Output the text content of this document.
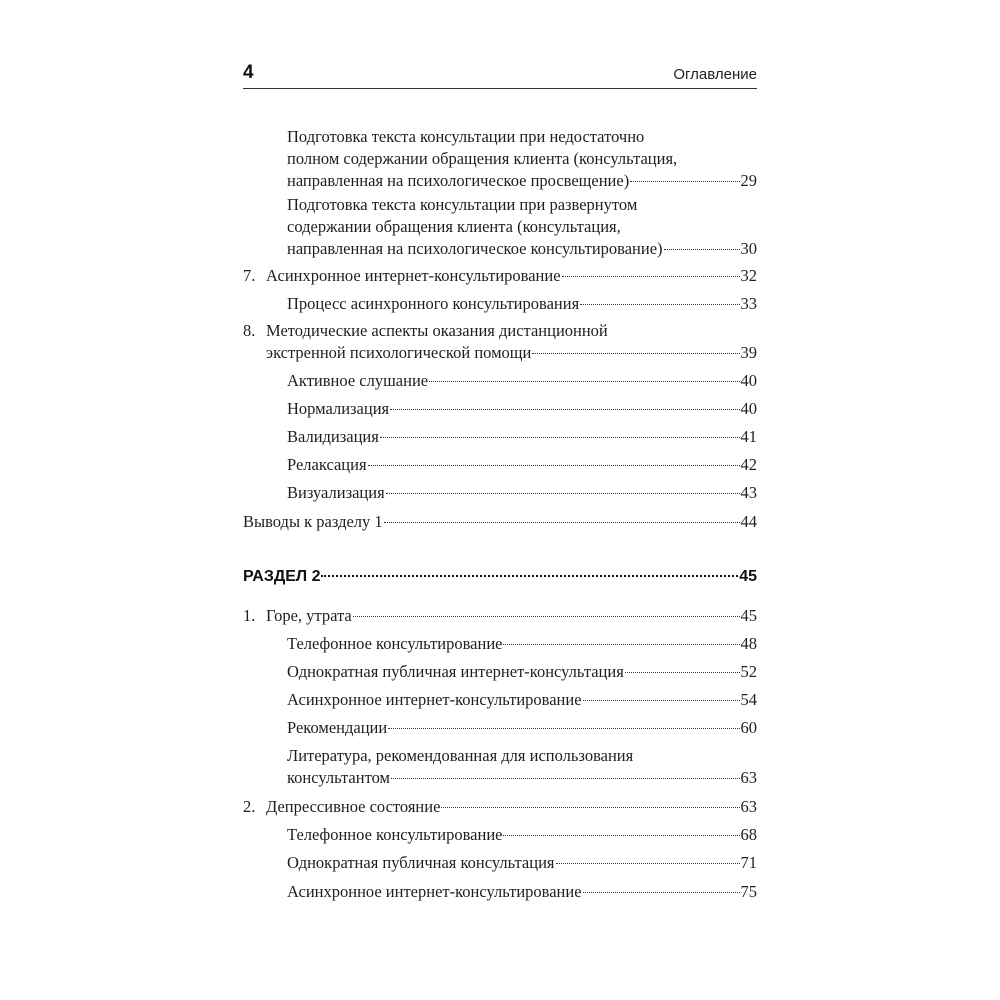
4	Оглавление
Подготовка текста консультации при недостаточно
полном содержании обращения клиента (консультация,
направленная на психологическое просвещение)	29
Подготовка текста консультации при развернутом
содержании обращения клиента (консультация,
направленная на психологическое консультирование)	30
7. Асинхронное интернет-консультирование	32
Процесс асинхронного консультирования	33
8. Методические аспекты оказания дистанционной
экстренной психологической помощи	39
Активное слушание	40
Нормализация	40
Валидизация	41
Релаксация	42
Визуализация	43
Выводы к разделу 1	44
РАЗДЕЛ 2	45
1. Горе, утрата	45
Телефонное консультирование	48
Однократная публичная интернет-консультация	52
Асинхронное интернет-консультирование	54
Рекомендации	60
Литература, рекомендованная для использования
консультантом	63
2. Депрессивное состояние	63
Телефонное консультирование	68
Однократная публичная консультация	71
Асинхронное интернет-консультирование	75
